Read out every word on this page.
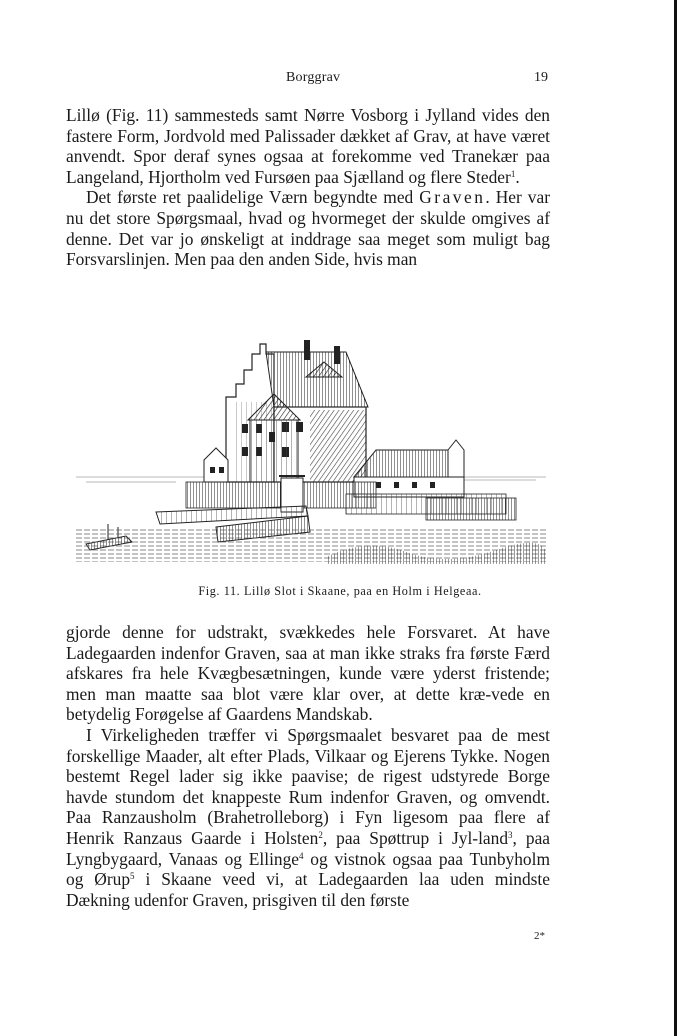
Borggrav	19

Lillø (Fig. 11) sammesteds samt Nørre Vosborg i Jylland vides den fastere Form, Jordvold med Palissader dækket af Grav, at have været anvendt. Spor deraf synes ogsaa at forekomme ved Tranekær paa Langeland, Hjortholm ved Fursøen paa Sjælland og flere Steder$^1$.

Det første ret paalidelige Værn begyndte med Graven. Her var nu det store Spørgsmaal, hvad og hvormeget der skulde omgives af denne. Det var jo ønskeligt at inddrage saa meget som muligt bag Forsvarslinjen. Men paa den anden Side, hvis man

Fig. 11. Lillø Slot i Skaane, paa en Holm i Helgeaa.

gjorde denne for udstrakt, svækkedes hele Forsvaret. At have Ladegaarden indenfor Graven, saa at man ikke straks fra første Færd afskares fra hele Kvægbesætningen, kunde være yderst fristende; men man maatte saa blot være klar over, at dette kræ-vede en betydelig Forøgelse af Gaardens Mandskab.

I Virkeligheden træffer vi Spørgsmaalet besvaret paa de mest forskellige Maader, alt efter Plads, Vilkaar og Ejerens Tykke. Nogen bestemt Regel lader sig ikke paavise; de rigest udstyrede Borge havde stundom det knappeste Rum indenfor Graven, og omvendt. Paa Ranzausholm (Brahetrolleborg) i Fyn ligesom paa flere af Henrik Ranzaus Gaarde i Holsten$^2$, paa Spøttrup i Jyl-land$^3$, paa Lyngbygaard, Vanaas og Ellinge$^4$ og vistnok ogsaa paa Tunbyholm og Ørup$^5$ i Skaane veed vi, at Ladegaarden laa uden mindste Dækning udenfor Graven, prisgiven til den første

2*
